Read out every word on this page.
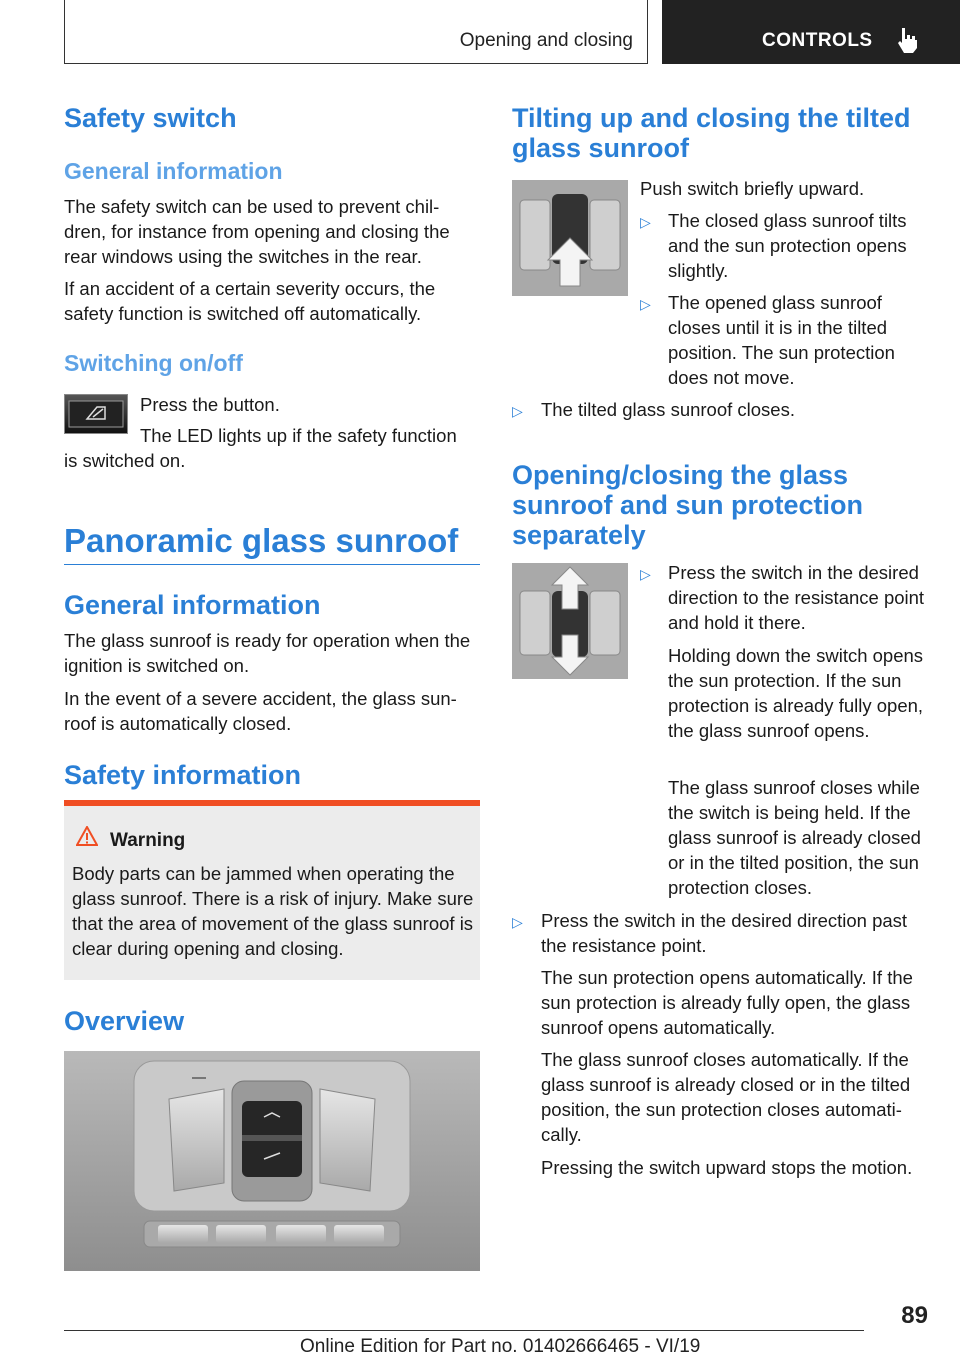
Opening and closing	CONTROLS
Safety switch
General information

The safety switch can be used to prevent chil‐dren, for instance from opening and closing the rear windows using the switches in the rear.

If an accident of a certain severity occurs, the safety function is switched off automatically.

Switching on/off

Press the button.

The LED lights up if the safety function

is switched on.

Panoramic glass sunroof
General information

The glass sunroof is ready for operation when the ignition is switched on.

In the event of a severe accident, the glass sun‐roof is automatically closed.

Safety information
Warning

Body parts can be jammed when operating the glass sunroof. There is a risk of injury. Make sure that the area of movement of the glass sunroof is clear during opening and closing.

Overview
Tilting up and closing the tilted glass sunroof

Push switch briefly upward.

▷ The closed glass sunroof tilts and the sun protection opens slightly.

▷ The opened glass sunroof closes until it is in the tilted position. The sun protection does not move.

▷ The tilted glass sunroof closes.

Opening/closing the glass sunroof and sun protection separately
▷ Press the switch in the desired direction to the resistance point and hold it there.

Holding down the switch opens the sun protection. If the sun protection is already fully open, the glass sunroof opens.

The glass sunroof closes while the switch is being held. If the glass sunroof is already closed or in the tilted position, the sun protection closes.

▷ Press the switch in the desired direction past the resistance point.

The sun protection opens automatically. If the sun protection is already fully open, the glass sunroof opens automatically.

The glass sunroof closes automatically. If the glass sunroof is already closed or in the tilted position, the sun protection closes automati‐cally.

Pressing the switch upward stops the motion.

89
Online Edition for Part no. 01402666465 - VI/19
